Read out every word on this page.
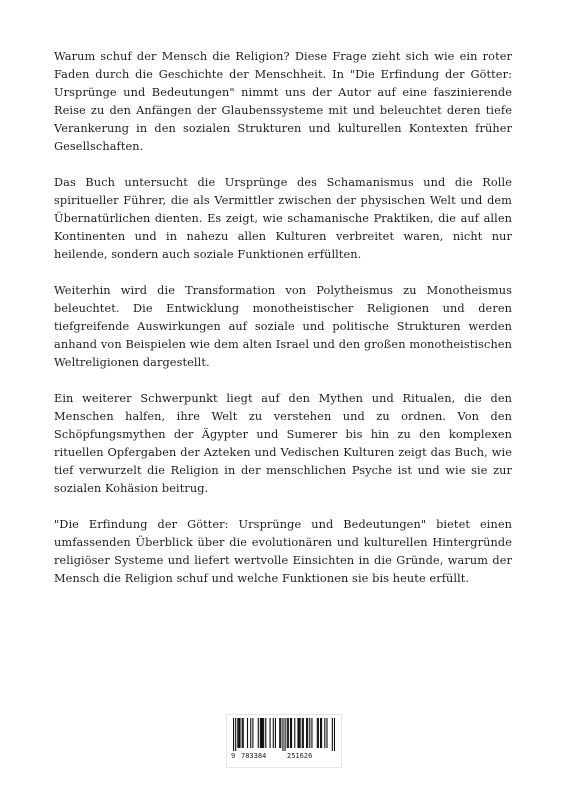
Warum schuf der Mensch die Religion? Diese Frage zieht sich wie ein roter Faden durch die Geschichte der Menschheit. In "Die Erfindung der Götter: Ursprünge und Bedeutungen" nimmt uns der Autor auf eine faszinierende Reise zu den Anfängen der Glaubenssysteme mit und beleuchtet deren tiefe Verankerung in den sozialen Strukturen und kulturellen Kontexten früher Gesellschaften.

Das Buch untersucht die Ursprünge des Schamanismus und die Rolle spiritueller Führer, die als Vermittler zwischen der physischen Welt und dem Übernatürlichen dienten. Es zeigt, wie schamanische Praktiken, die auf allen Kontinenten und in nahezu allen Kulturen verbreitet waren, nicht nur heilende, sondern auch soziale Funktionen erfüllten.

Weiterhin wird die Transformation von Polytheismus zu Monotheismus beleuchtet. Die Entwicklung monotheistischer Religionen und deren tiefgreifende Auswirkungen auf soziale und politische Strukturen werden anhand von Beispielen wie dem alten Israel und den großen monotheistischen Weltreligionen dargestellt.

Ein weiterer Schwerpunkt liegt auf den Mythen und Ritualen, die den Menschen halfen, ihre Welt zu verstehen und zu ordnen. Von den Schöpfungsmythen der Ägypter und Sumerer bis hin zu den komplexen rituellen Opfergaben der Azteken und Vedischen Kulturen zeigt das Buch, wie tief verwurzelt die Religion in der menschlichen Psyche ist und wie sie zur sozialen Kohäsion beitrug.

"Die Erfindung der Götter: Ursprünge und Bedeutungen" bietet einen umfassenden Überblick über die evolutionären und kulturellen Hintergründe religiöser Systeme und liefert wertvolle Einsichten in die Gründe, warum der Mensch die Religion schuf und welche Funktionen sie bis heute erfüllt.

9 783384	251626
